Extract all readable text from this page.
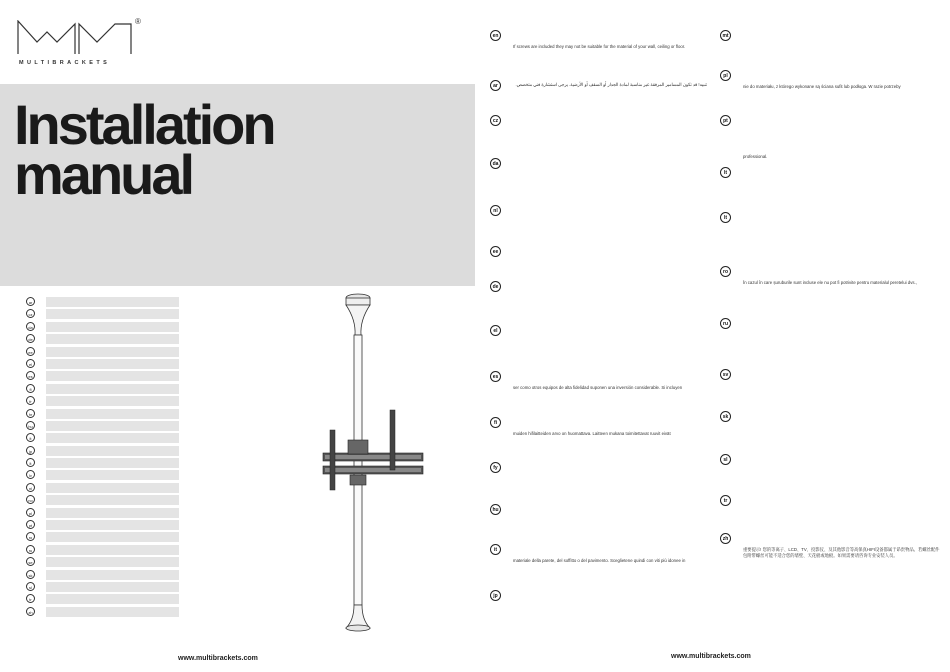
®
MULTIBRACKETS
Installation
manual
ar
cz
da
de
ee
el
es
fi
fr
hr
hu
it
jp
lt
lv
nl
no
pl
pt
ro
ru
se
sk
sl
tr
zh
www.multibrackets.com
en
If screws are included they may not be suitable for the material of your wall, ceiling or floor.
ar	تنبيه! قد تكون المسامير المرفقة غير مناسبة لمادة الجدار أو السقف أو الأرضية. يرجى استشارة فني متخصص.
cz
da
nl
ee
de
el
es
ser como otros equipos de alta fidelidad suponen una inversión considerable. Si incluyen
fi
muiden hifilaitteiden arvo on huomattava. Laitteen mukana toimitettavat ruuvit eivät
fy
hu
it
materiale della parete, del soffitto o del pavimento. Sceglietene quindi con viti più idonee in
jp
mt
pl
nie do materiału, z którego wykonane są ściana sufit lub podłoga. W razie potrzeby
pt
professional.
lt
lt
ro
În cazul în care șuruburile sunt incluse ele nu pot fi potrivite pentru materialul peretelui dvs.,
ru
sv
sk
sl
tr
zh
重要提示! 您的等离子、LCD、TV、投影仪、及其他影音等高保真HIFI设备都属于昂贵物品。若螺丝配件包附带螺丝可能不适合您的墙壁、天花板或地板。如果需要请咨询专业安装人员。
www.multibrackets.com
